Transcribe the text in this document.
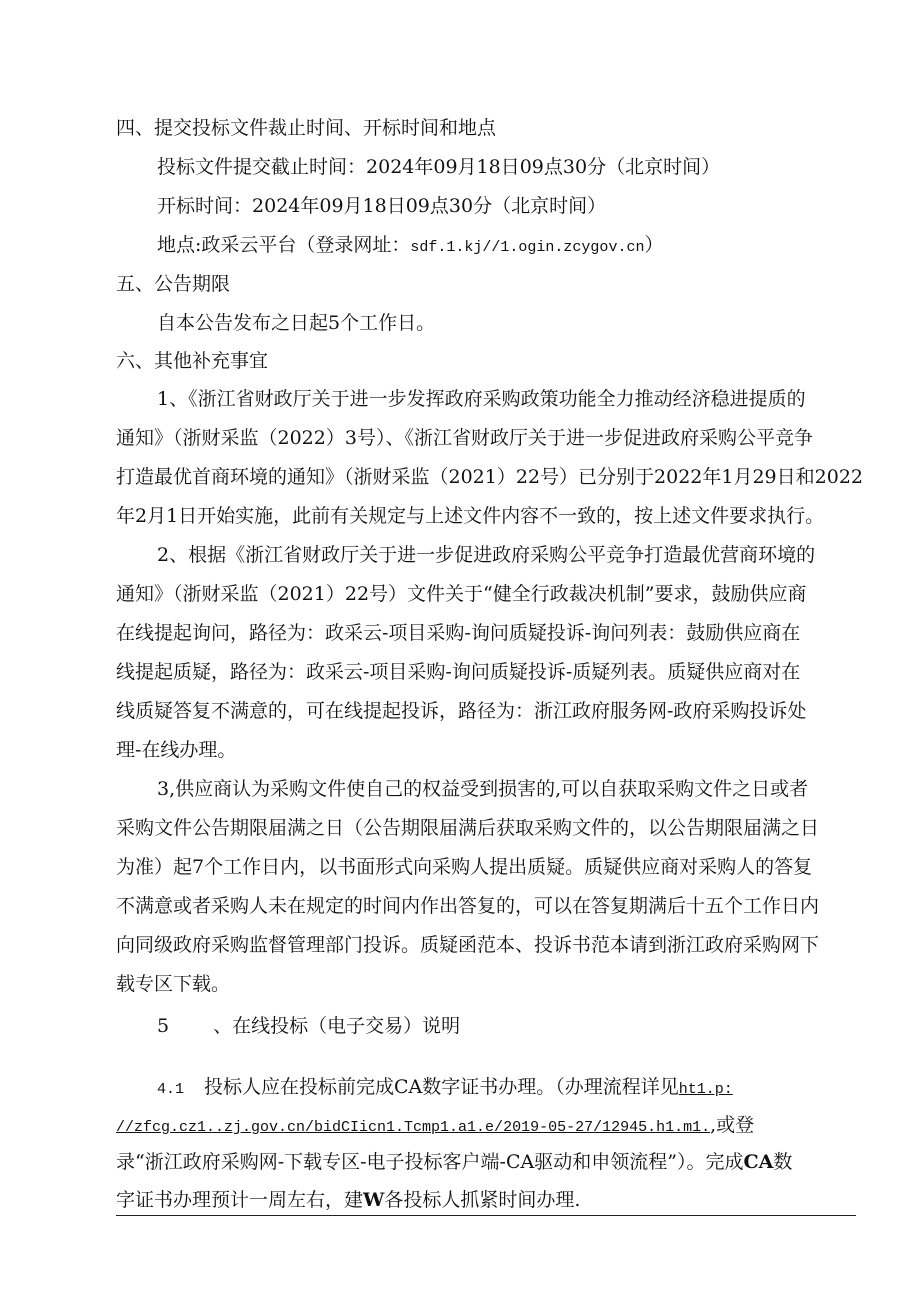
四、提交投标文件裁止时间、开标时间和地点
投标文件提交截止时间：2024年09月18日09点30分（北京时间）
开标时间：2024年09月18日09点30分（北京时间）
地点:政采云平台（登录网址：sdf.1.kj//1.ogin.zcygov.cn）
五、公告期限
自本公告发布之日起5个工作日。
六、其他补充事宜
1、《浙江省财政厅关于进一步发挥政府采购政策功能全力推动经济稳进提质的
通知》（浙财采监（2022）3号）、《浙江省财政厅关于进一步促进政府采购公平竞争
打造最优首商环境的通知》（浙财采监（2021）22号）已分别于2022年1月29日和2022
年2月1日开始实施，此前有关规定与上述文件内容不一致的，按上述文件要求执行。
2、根据《浙江省财政厅关于进一步促进政府采购公平竞争打造最优营商环境的
通知》（浙财采监（2021）22号）文件关于“健全行政裁决机制”要求，鼓励供应商
在线提起询问，路径为：政采云-项目采购-询问质疑投诉-询问列表：鼓励供应商在
线提起质疑，路径为：政采云-项目采购-询问质疑投诉-质疑列表。质疑供应商对在
线质疑答复不满意的，可在线提起投诉，路径为：浙江政府服务网-政府采购投诉处
理-在线办理。
3,供应商认为采购文件使自己的权益受到损害的,可以自获取采购文件之日或者
采购文件公告期限届满之日（公告期限届满后获取采购文件的，以公告期限届满之日
为准）起7个工作日内，以书面形式向采购人提出质疑。质疑供应商对采购人的答复
不满意或者采购人未在规定的时间内作出答复的，可以在答复期满后十五个工作日内
向同级政府采购监督管理部门投诉。质疑函范本、投诉书范本请到浙江政府采购网下
载专区下载。
5 、在线投标（电子交易）说明
4.1 投标人应在投标前完成CA数字证书办理。（办理流程详见ht1.p:
//zfcg.cz1..zj.gov.cn/bidCIicn1.Tcmp1.a1.e/2019-05-27/12945.h1.m1.,或登
录“浙江政府采购网-下载专区-电子投标客户端-CA驱动和申领流程”）。完成CA数
字证书办理预计一周左右，建W各投标人抓紧时间办理.
